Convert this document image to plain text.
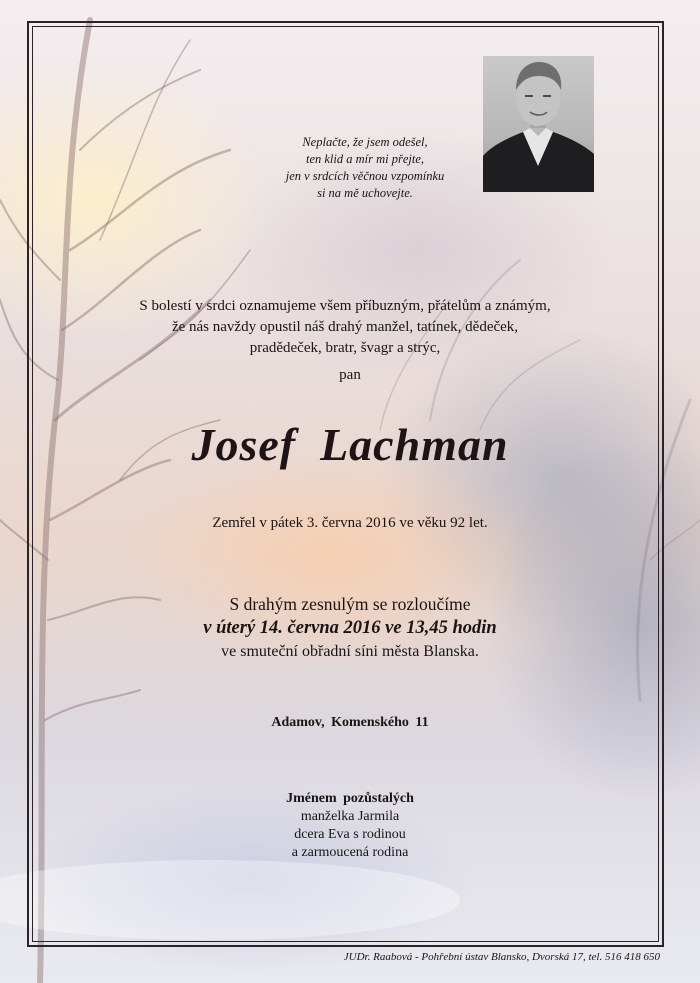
Neplačte, že jsem odešel,
ten klid a mír mi přejte,
jen v srdcích věčnou vzpomínku
si na mě uchovejte.
S bolestí v srdci oznamujeme všem příbuzným, přátelům a známým,
že nás navždy opustil náš drahý manžel, tatínek, dědeček,
pradědeček, bratr, švagr a strýc,
pan
Josef Lachman
Zemřel v pátek 3. června 2016 ve věku 92 let.
S drahým zesnulým se rozloučíme
v úterý 14. června 2016 ve 13,45 hodin
ve smuteční obřadní síni města Blanska.
Adamov, Komenského 11
Jménem pozůstalých
manželka Jarmila
dcera Eva s rodinou
a zarmoucená rodina
JUDr. Raabová - Pohřební ústav Blansko, Dvorská 17, tel. 516 418 650
